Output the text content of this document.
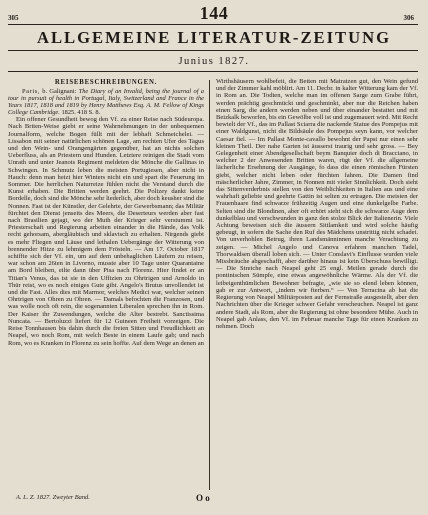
305	144	306
ALLGEMEINE LITERATUR-ZEITUNG
Junius 1827.
REISEBESCHREIBUNGEN.
Paris, b. Galignani: The Diary of an Invalid, being the journal of a tour in pursuit of health in Portugal, Italy, Switzerland and France in the Years 1817, 1818 and 1819 by Henry Matthews Esq. A. M. Fellow of Kings College Cambridge. 1825. 418 S. 8.

Ein offener Gesundheit bewog den Vf. zu einer Reise nach Südeuropa. Nach Briten-Weise giebt er seine Wahrnehmungen in der unbequemen Journalform, welche Bogen füllt mit der lebhaft Schmeichelei. — Lissabon mit seiner natürlichen schönen Lage, am rechten Ufer des Tagus und den Wein- und Orangengärten gegenüber, hat an nichts solchen Ueberfluss, als an Priestern und Hunden. Letztere reinigen die Stadt vom Unrath und unter Jeanots Regiment meldeten die Mönche die Gallinas in Schwingen. In Schmutz leben die meisten Portugiesen, aber nicht in Hauch: denn man heizt hier Winters nicht ein und spart die Feuerung im Sommer. Die herrlichen Naturreize fühlen nicht die Verstand durch die Kunst erhaben. Die Britten werden geehrt. Die Polizey dankt keine Bordelle, doch sind die Mönche sehr liederlich, aber doch keusher sind die Nonnen. Fast ist der Künstler, der Gelehrte, der Gewerbsmann; das Militär fürchtet den Dienst jenseits des Meers, die Deserteurs werden aber fast nach Brasilien gejagt, wo der Muth der Krieger sehr verstummt ist. Priesterschaft und Regierung arbeiten einander in die Hände, das Volk recht gehorsam, abergläubisch und sklavisch zu erhalten. Nirgends giebt es mehr Fliegen und Läuse und lethalen Uebergänge der Witterung von brennender Hitze zu lehmigem dem Frösteln. — Am 17. October 1817 schiffte sich der Vf. ein, um auf dem unbehaglichen Läufern zu reisen, war schon am 26ten in Livorno, musste aber 10 Tage unter Quarantaine am Bord bleiben, eilte dann über Pisa nach Florenz. Hier findet er an Titian's Venus, das ist sie in den Uffizien zu Ohrtrigen und Arnoldo in Thür reist, wo es noch einiges Gute gibt. Angelo's Brutus unvollendet ist und die Fast. Alles dies mit Marmor, welches Medici war, welcher seinen Ohrtrigen von Ohren zu Ohren. — Damals befochten die Franzosen, und was wolle noch oft rein, die sogenannten Liberalen sprechen ihn in Rom. Der Kaiser ihr Zuwendungen, welche die Alter bestrebt. Sanctissima Nuncata. — Bertoluzzi liefert für 12 Guineen Freiheit vorzeigen. Die Reise Tonnhausen bis dahin durch die freien Sitten und Freudlichkeit an Neapel, wo noch Rom, mit welch Beste in einem Laufe gab; und nach Rom, wo es Kranken in Florenz zu sein hoffte. Auf dem Wege an denen an

Wirthshäusern wohlbefeit, die Betten mit Matratzen gut, den Wein gefund und der Zimmer kahl möblirt. Am 11. Decbr. in kalter Witterung kam der Vf. in Rom an. Die Todten, welche man im offenen Sarge zum Grabe führt, werden prächtig geschmückt und geschminkt, aber nur die Reichen haben einen Sarg, die andern werden neben und über einander bestattet und mit Beizkalk beworfen, bis ein Gewölbe voll ist und zugemauert wird. Mit Recht bewielt der Vf., das im Pallast Sciarra die nackende Statue des Pompejus mit einer Waldgunst, nicht die Bildsäule des Pompejus seyn kann, vor welcher Caesar fiel. — Im Pallast Monte-cavallo bewohnt der Papst nur einen sehr kleinen Theil. Der nahe Garten ist äusserst traurig und sehr gross. — Bey Gelegenheit einer Abendgesellschaft beym Banquier doch di Bracciano, in welcher 2 der Anwesenden Britten waren, rügt der Vf. die allgemeine lächerliche Ersehnung der Ausgänge, fo dass die einen römischen Fürsten giebt, welcher nicht leben oder fürchten fahren. Die Damen find mäscherlicher Jahre, Zimmer, in Nonnen mit vieler Sinnlichkeit. Doch sieht das Sittenverderbnis stellen von den Weiblichkeiten in Italien aus und eine wahrhaft geliebte und geehrte Gattin ist selten zu ertragen. Die meisten der Frauenhaare find schwarze frühzeitig Augen und eine dunkelgelbe Farbe. Selten sind die Blondinen, aber oft erhört sieht sich die schwarze Auge dem dunkelblau und verschwunden in ganz den stolze Blick der Italienerin. Viele Achtung beweisen sich die äussern Sittlamkeit und wird solche häufig gebeugt, in sofern die Sache den Ruf des Mädchens unstrittig nicht schadet. Von unverhohlen Betrug, ihren Landsmänninnen manche Verachtung zu zeigen. — Michel Angelo und Canova erfahren manchen Tadel, Thorwaldsen überall loben sich. — Unter Conslavi's Einflusse wurden viele Missbräuche abgeschafft, aber darüber hinaus ist kein Überschuss bewilligt. — Die Streiche nach Neapel geht 25 engl. Meilen gerade durch die pontinischen Sümpfe, eine etwas angewöhnliche Wärme. Als der Vf. die leibeigenthümlichen Bewohner befragte, „wie sie so elend leben können, gab er zur Antwort, „indem wir fterben.“ — Von Terracina ab hat die Regierung von Neapel Militärposten auf der Fernstraße ausgestellt, aber den Nachrichten über die Krieger schwer Gefahr verscheuchen. Neapel ist ganz andere Stadt, als Rom, aber die Regierung ist ohne besondere Mühe. Auch in Neapel gab Anlass, den Vf. im Februar manche Tage für einen Kranken zu nehmen. Doch

A. L. Z. 1827. Zweyter Band.	O o
